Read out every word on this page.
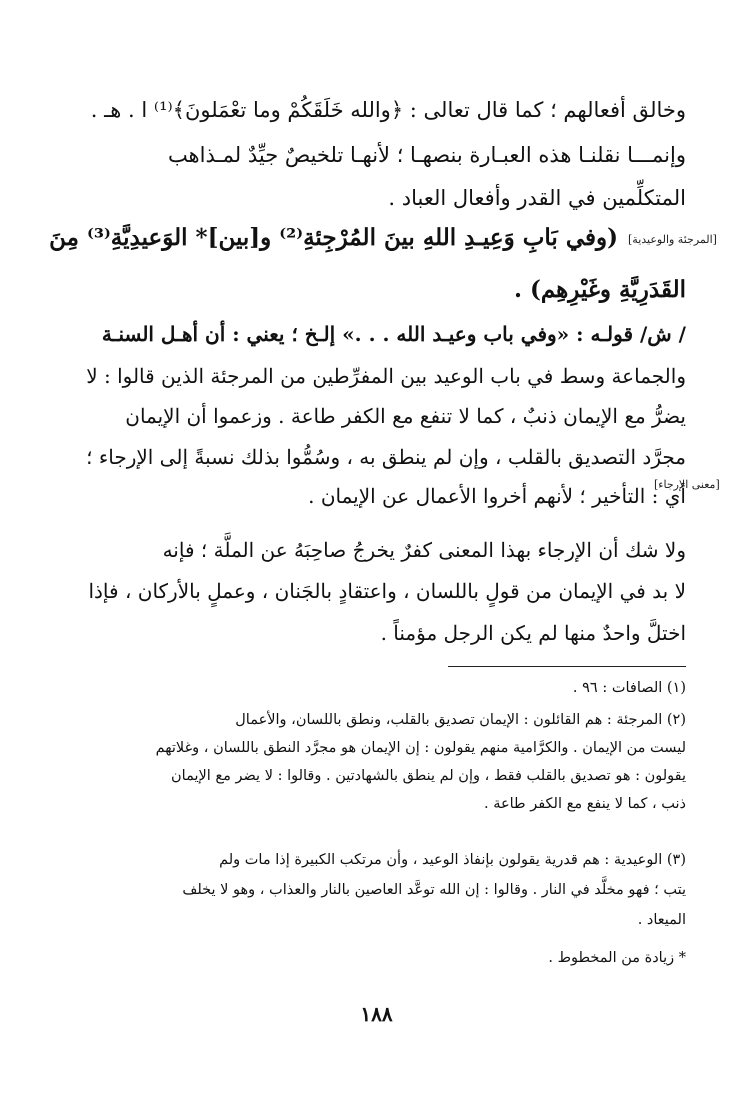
وخالق أفعالهم ؛ كما قال تعالى : ﴿والله خَلَقَكُمْ وما تعْمَلونَ﴾⁽¹⁾ ا . هـ .
وإنمـــا نقلنـا هذه العبـارة بنصهـا ؛ لأنهـا تلخيصٌ جيِّدٌ لمـذاهب
المتكلِّمين في القدر وأفعال العباد .
[المرجئة والوعيدية]
(وفي بَابِ وَعِيـدِ اللهِ بينَ المُرْجِئةِ⁽²⁾ و[بين]* الوَعيدِيَّةِ⁽³⁾ مِنَ
القَدَرِيَّةِ وغَيْرِهِم) .
/ ش/ قولـه : «وفي باب وعيـد الله . . .» إلـخ ؛ يعني : أن أهـل السنـة
والجماعة وسط في باب الوعيد بين المفرِّطين من المرجئة الذين قالوا : لا
يضرُّ مع الإيمان ذنبٌ ، كما لا تنفع مع الكفر طاعة . وزعموا أن الإيمان
مجرَّد التصديق بالقلب ، وإن لم ينطق به ، وسُمُّوا بذلك نسبةً إلى الإرجاء ؛
[معنى الإرجاء]
أي : التأخير ؛ لأنهم أخروا الأعمال عن الإيمان .
ولا شك أن الإرجاء بهذا المعنى كفرٌ يخرجُ صاحِبَهُ عن الملَّة ؛ فإنه
لا بد في الإيمان من قولٍ باللسان ، واعتقادٍ بالجَنان ، وعملٍ بالأركان ، فإذا
اختلَّ واحدٌ منها لم يكن الرجل مؤمناً .
(١) الصافات : ٩٦ .
(٢) المرجئة : هم القائلون : الإيمان تصديق بالقلب، ونطق باللسان، والأعمال
ليست من الإيمان . والكرَّامية منهم يقولون : إن الإيمان هو مجرَّد النطق باللسان ، وغلاتهم
يقولون : هو تصديق بالقلب فقط ، وإن لم ينطق بالشهادتين . وقالوا : لا يضر مع الإيمان
ذنب ، كما لا ينفع مع الكفر طاعة .
(٣) الوعيدية : هم قدرية يقولون بإنفاذ الوعيد ، وأن مرتكب الكبيرة إذا مات ولم
يتب ؛ فهو مخلَّد في النار . وقالوا : إن الله توعَّد العاصين بالنار والعذاب ، وهو لا يخلف
الميعاد .
* زيادة من المخطوط .
١٨٨
